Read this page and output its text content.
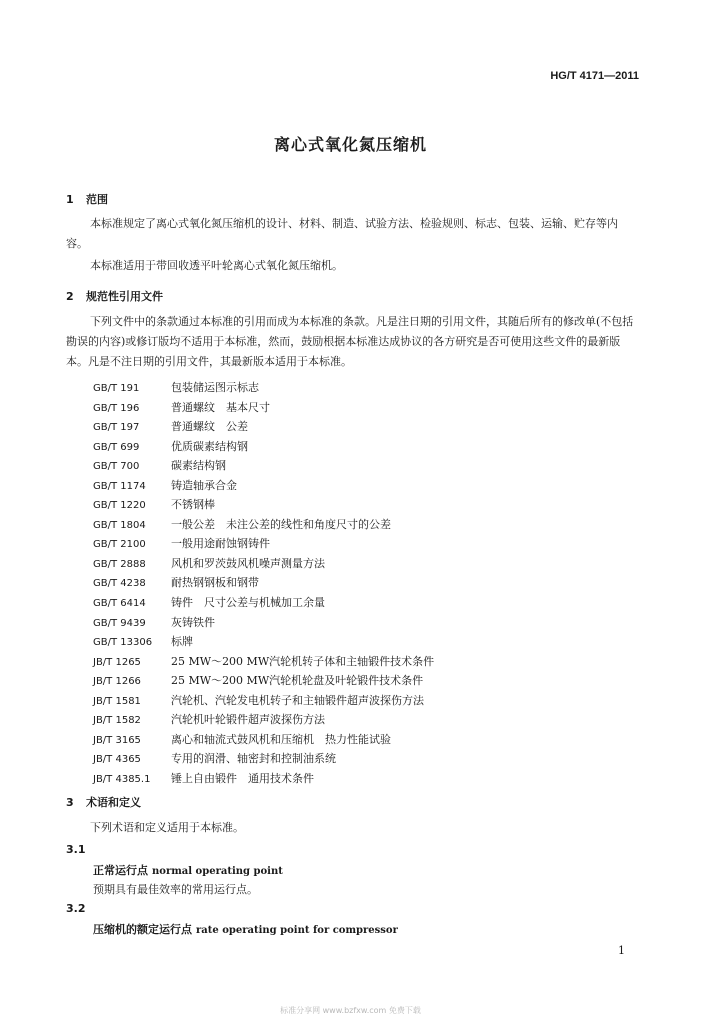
HG/T 4171—2011
离心式氧化氮压缩机
1 范围
本标准规定了离心式氧化氮压缩机的设计、材料、制造、试验方法、检验规则、标志、包装、运输、贮存等内容。
本标准适用于带回收透平叶轮离心式氧化氮压缩机。
2 规范性引用文件
下列文件中的条款通过本标准的引用而成为本标准的条款。凡是注日期的引用文件，其随后所有的修改单(不包括勘误的内容)或修订版均不适用于本标准，然而，鼓励根据本标准达成协议的各方研究是否可使用这些文件的最新版本。凡是不注日期的引用文件，其最新版本适用于本标准。
GB/T 191	包装储运图示标志
GB/T 196	普通螺纹　基本尺寸
GB/T 197	普通螺纹　公差
GB/T 699	优质碳素结构钢
GB/T 700	碳素结构钢
GB/T 1174 铸造轴承合金
GB/T 1220 不锈钢棒
GB/T 1804 一般公差　未注公差的线性和角度尺寸的公差
GB/T 2100 一般用途耐蚀钢铸件
GB/T 2888 风机和罗茨鼓风机噪声测量方法
GB/T 4238 耐热钢钢板和钢带
GB/T 6414 铸件　尺寸公差与机械加工余量
GB/T 9439 灰铸铁件
GB/T 13306 标牌
JB/T 1265	25 MW～200 MW汽轮机转子体和主轴锻件技术条件
JB/T 1266	25 MW～200 MW汽轮机轮盘及叶轮锻件技术条件
JB/T 1581	汽轮机、汽轮发电机转子和主轴锻件超声波探伤方法
JB/T 1582	汽轮机叶轮锻件超声波探伤方法
JB/T 3165	离心和轴流式鼓风机和压缩机　热力性能试验
JB/T 4365	专用的润滑、轴密封和控制油系统
JB/T 4385.1 锤上自由锻件　通用技术条件
3 术语和定义
下列术语和定义适用于本标准。
3.1
正常运行点 normal operating point
预期具有最佳效率的常用运行点。
3.2
压缩机的额定运行点 rate operating point for compressor
1
标准分享网 www.bzfxw.com 免费下载
